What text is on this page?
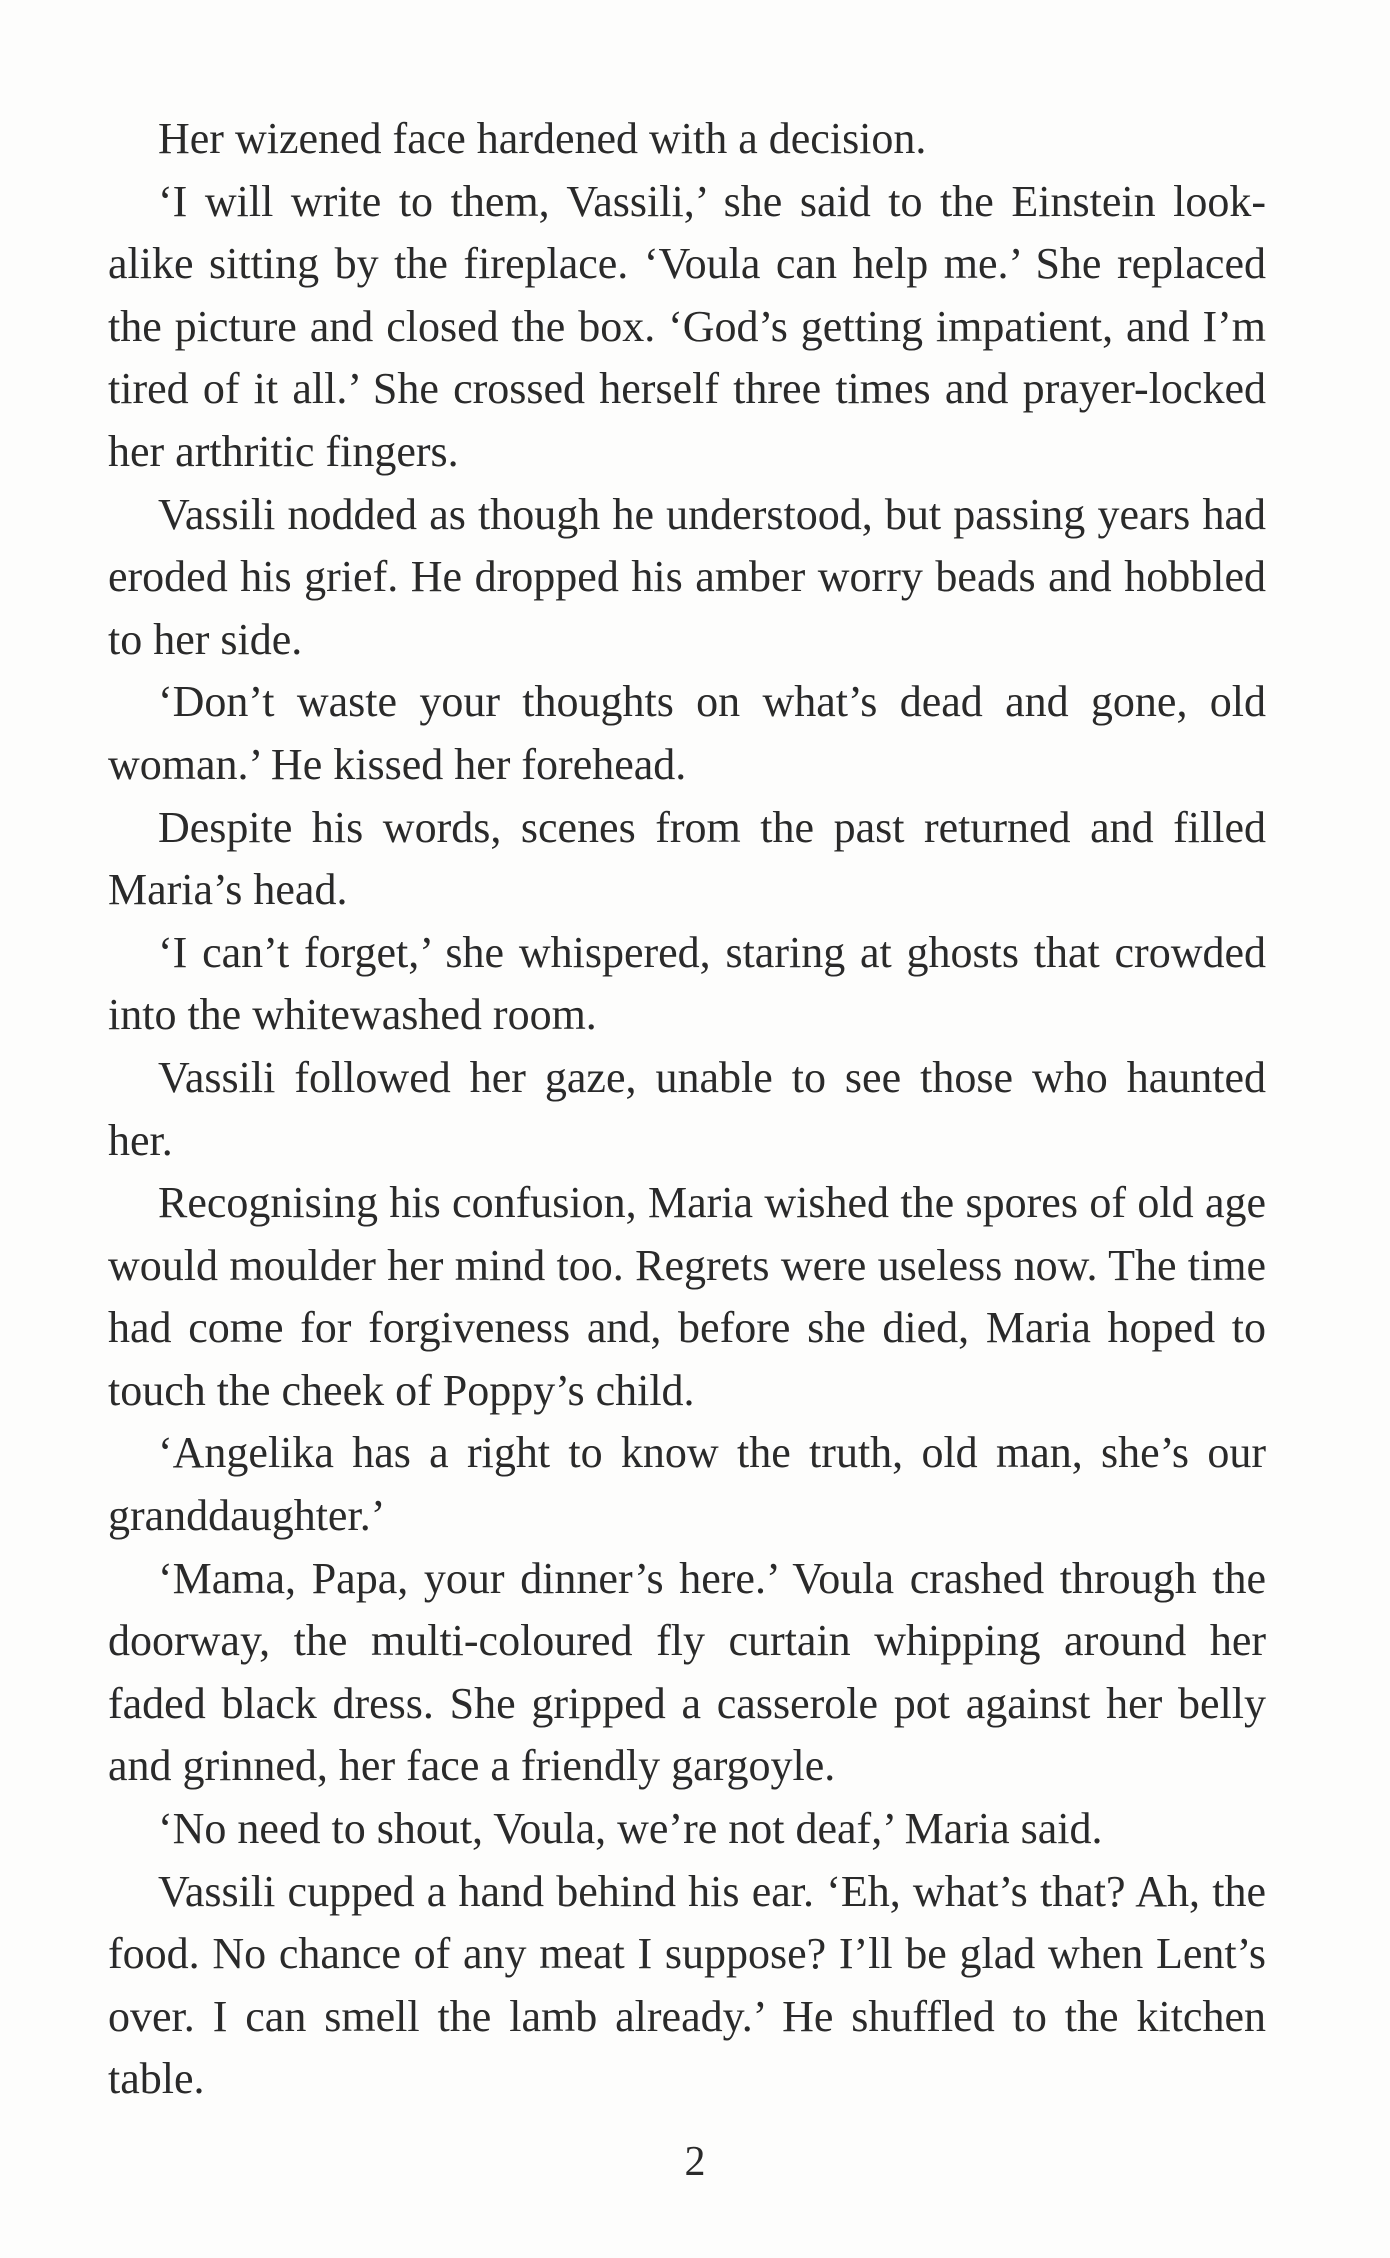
Her wizened face hardened with a decision.

‘I will write to them, Vassili,’ she said to the Einstein look-alike sitting by the fireplace. ‘Voula can help me.’ She replaced the picture and closed the box. ‘God’s getting impatient, and I’m tired of it all.’ She crossed herself three times and prayer-locked her arthritic fingers.

Vassili nodded as though he understood, but passing years had eroded his grief. He dropped his amber worry beads and hobbled to her side.

‘Don’t waste your thoughts on what’s dead and gone, old woman.’ He kissed her forehead.

Despite his words, scenes from the past returned and filled Maria’s head.

‘I can’t forget,’ she whispered, staring at ghosts that crowded into the whitewashed room.

Vassili followed her gaze, unable to see those who haunted her.

Recognising his confusion, Maria wished the spores of old age would moulder her mind too. Regrets were useless now. The time had come for forgiveness and, before she died, Maria hoped to touch the cheek of Poppy’s child.

‘Angelika has a right to know the truth, old man, she’s our granddaughter.’

‘Mama, Papa, your dinner’s here.’ Voula crashed through the doorway, the multi-coloured fly curtain whipping around her faded black dress. She gripped a casserole pot against her belly and grinned, her face a friendly gargoyle.

‘No need to shout, Voula, we’re not deaf,’ Maria said.

Vassili cupped a hand behind his ear. ‘Eh, what’s that? Ah, the food. No chance of any meat I suppose? I’ll be glad when Lent’s over. I can smell the lamb already.’ He shuffled to the kitchen table.

2
